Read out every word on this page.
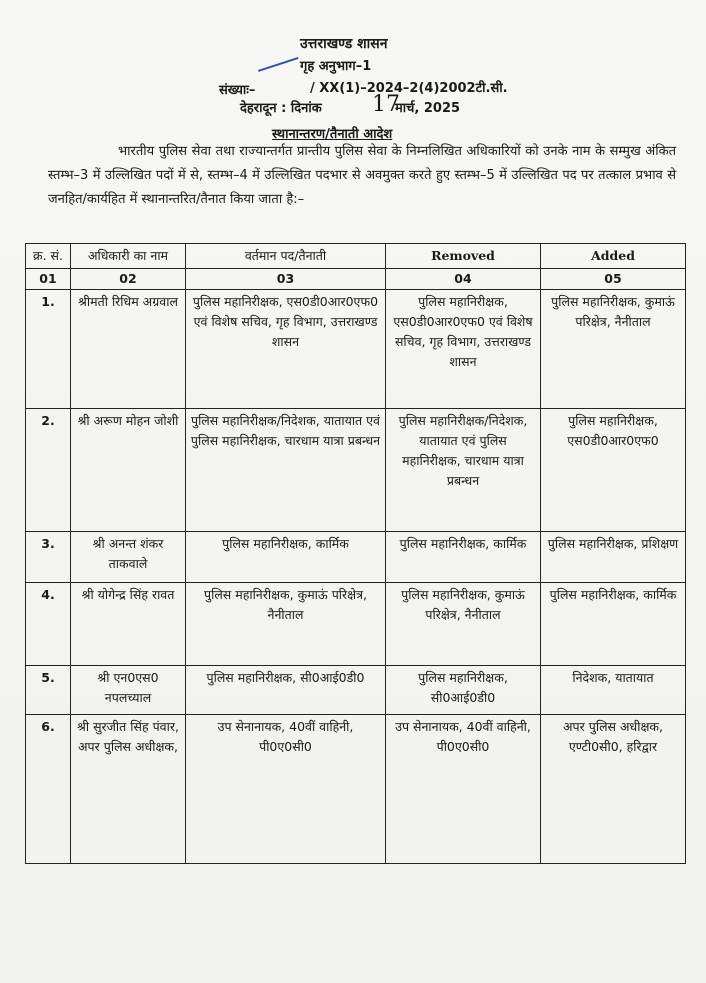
उत्तराखण्ड शासन
गृह अनुभाग–1
संख्याः–	/ XX(1)–2024–2(4)2002टी.सी.
देहरादून : दिनांक 17
मार्च, 2025
स्थानान्तरण/तैनाती आदेश
भारतीय पुलिस सेवा तथा राज्यान्तर्गत प्रान्तीय पुलिस सेवा के निम्नलिखित अधिकारियों को उनके नाम के सम्मुख अंकित स्तम्भ–3 में उल्लिखित पदों में से, स्तम्भ–4 में उल्लिखित पदभार से अवमुक्त करते हुए स्तम्भ–5 में उल्लिखित पद पर तत्काल प्रभाव से जनहित/कार्यहित में स्थानान्तरित/तैनात किया जाता है:–
क्र. सं.	अधिकारी का नाम	वर्तमान पद/तैनाती	Removed	Added
01	02	03	04	05
1.	श्रीमती रिधिम अग्रवाल	पुलिस महानिरीक्षक, एस0डी0आर0एफ0 एवं विशेष सचिव, गृह विभाग, उत्तराखण्ड शासन	पुलिस महानिरीक्षक, एस0डी0आर0एफ0 एवं विशेष सचिव, गृह विभाग, उत्तराखण्ड शासन	पुलिस महानिरीक्षक, कुमाऊं परिक्षेत्र, नैनीताल
2.	श्री अरूण मोहन जोशी	पुलिस महानिरीक्षक/निदेशक, यातायात एवं पुलिस महानिरीक्षक, चारधाम यात्रा प्रबन्धन	पुलिस महानिरीक्षक/निदेशक, यातायात एवं पुलिस महानिरीक्षक, चारधाम यात्रा प्रबन्धन	पुलिस महानिरीक्षक, एस0डी0आर0एफ0
3.	श्री अनन्त शंकर ताकवाले	पुलिस महानिरीक्षक, कार्मिक	पुलिस महानिरीक्षक, कार्मिक	पुलिस महानिरीक्षक, प्रशिक्षण
4.	श्री योगेन्द्र सिंह रावत	पुलिस महानिरीक्षक, कुमाऊं परिक्षेत्र, नैनीताल	पुलिस महानिरीक्षक, कुमाऊं परिक्षेत्र, नैनीताल	पुलिस महानिरीक्षक, कार्मिक
5.	श्री एन0एस0 नपलच्याल	पुलिस महानिरीक्षक, सी0आई0डी0	पुलिस महानिरीक्षक, सी0आई0डी0	निदेशक, यातायात
6.	श्री सुरजीत सिंह पंवार, अपर पुलिस अधीक्षक,	उप सेनानायक, 40वीं वाहिनी, पी0ए0सी0	उप सेनानायक, 40वीं वाहिनी, पी0ए0सी0	अपर पुलिस अधीक्षक, एण्टी0सी0, हरिद्वार
